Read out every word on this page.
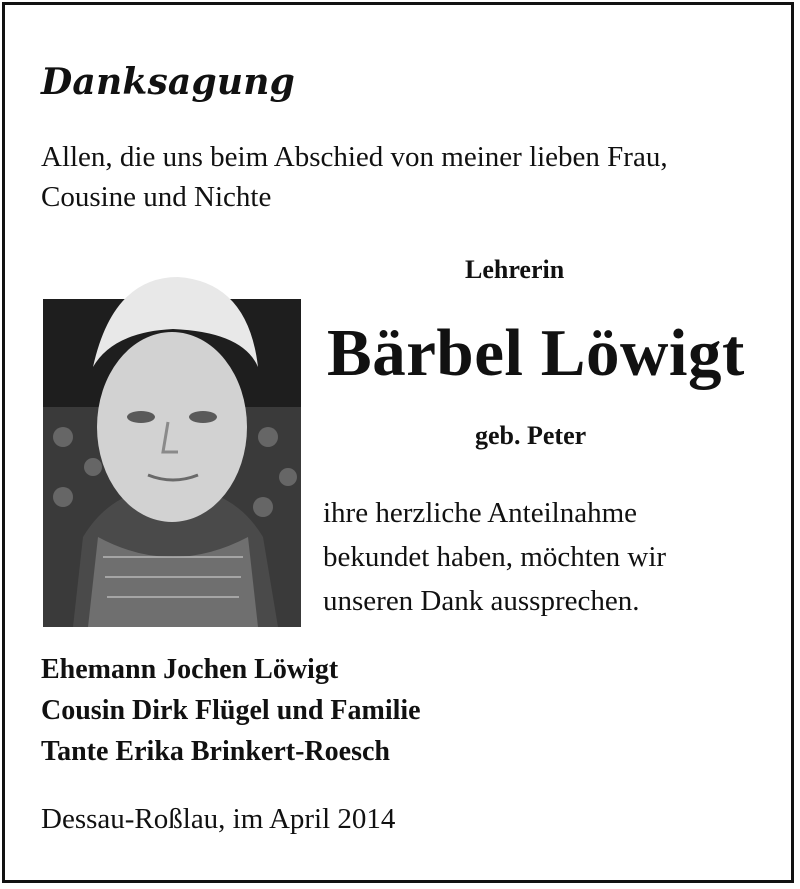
Danksagung
Allen, die uns beim Abschied von meiner lieben Frau,
Cousine und Nichte
Lehrerin
Bärbel Löwigt
geb. Peter
ihre herzliche Anteilnahme
bekundet haben, möchten wir
unseren Dank aussprechen.
Ehemann Jochen Löwigt
Cousin Dirk Flügel und Familie
Tante Erika Brinkert-Roesch
Dessau-Roßlau, im April 2014
